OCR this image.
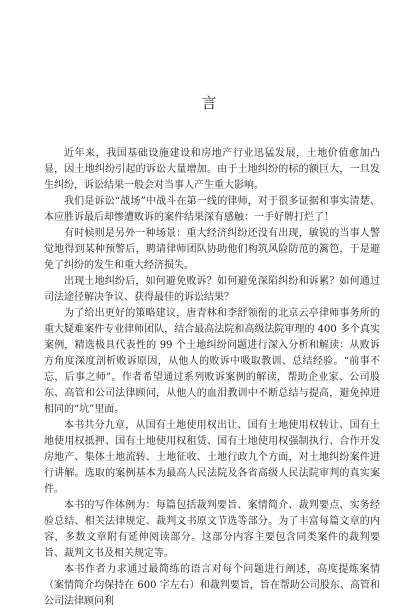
言

近年来，我国基础设施建设和房地产行业迅猛发展，土地价值愈加凸显，因土地纠纷引起的诉讼大量增加。由于土地纠纷的标的额巨大，一旦发生纠纷，诉讼结果一般会对当事人产生重大影响。

我们是诉讼“战场”中战斗在第一线的律师，对于很多证据和事实清楚、本应胜诉最后却惨遭败诉的案件结果深有感触：一手好牌打烂了！

有时候则是另外一种场景：重大经济纠纷还没有出现，敏锐的当事人警觉地得到某种预警后，聘请律师团队协助他们构筑风险防范的篱笆，于是避免了纠纷的发生和重大经济损失。

出现土地纠纷后，如何避免败诉？如何避免深陷纠纷和诉累？如何通过司法途径解决争议、获得最佳的诉讼结果？

为了给出更好的策略建议，唐青林和李舒领衔的北京云亭律师事务所的重大疑难案件专业律师团队，结合最高法院和高级法院审理的 400 多个真实案例，精选极具代表性的 99 个土地纠纷问题进行深入分析和解读：从败诉方角度深度剖析败诉原因，从他人的败诉中吸取教训、总结经验。“前事不忘，后事之师”。作者希望通过系列败诉案例的解读，帮助企业家、公司股东、高管和公司法律顾问，从他人的血泪教训中不断总结与提高，避免掉进相同的“坑”里面。

本书共分九章，从国有土地使用权出让、国有土地使用权转让、国有土地使用权抵押、国有土地使用权租赁、国有土地使用权强制执行、合作开发房地产、集体土地流转、土地征收、土地行政九个方面，对土地纠纷案件进行讲解。选取的案例基本为最高人民法院及各省高级人民法院审判的真实案件。

本书的写作体例为：每篇包括裁判要旨、案情简介、裁判要点、实务经验总结、相关法律规定、裁判文书原文节选等部分。为了丰富每篇文章的内容，多数文章附有延伸阅读部分。这部分内容主要包含同类案件的裁判要旨、裁判文书及相关规定等。

本书作者力求通过最简练的语言对每个问题进行阐述，高度提炼案情（案情简介均保持在 600 字左右）和裁判要旨，旨在帮助公司股东、高管和公司法律顾问利
